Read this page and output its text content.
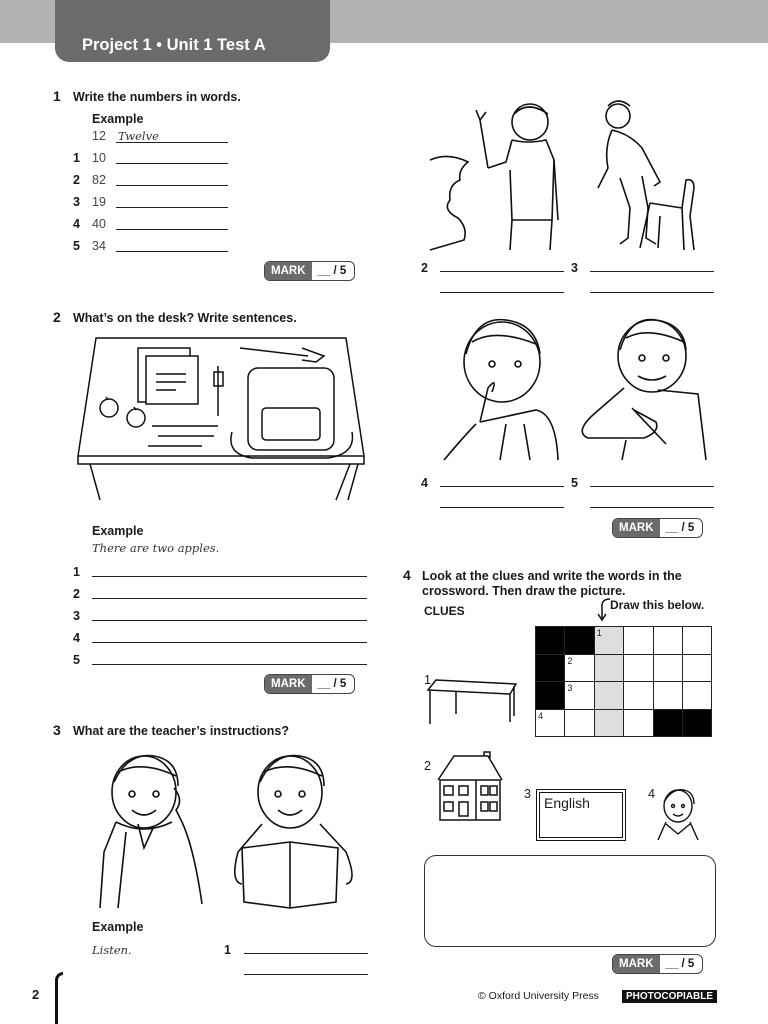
Project 1 • Unit 1 Test A
1 Write the numbers in words.
Example
12 Twelve
1 10
2 82
3 19
4 40
5 34
MARK	__ / 5	2	3
2 What’s on the desk? Write sentences.
Example
There are two apples.
1
2
3
4
5
MARK	__ / 5
4	5
MARK	__ / 5
3 What are the teacher’s instructions?
Example
Listen.	1
4 Look at the clues and write the words in the
crossword. Then draw the picture.
CLUES	Draw this below.

		1			

	2				

	3				

4					

1
2
3
English
4
MARK	__ / 5
2	© Oxford University Press	PHOTOCOPIABLE
